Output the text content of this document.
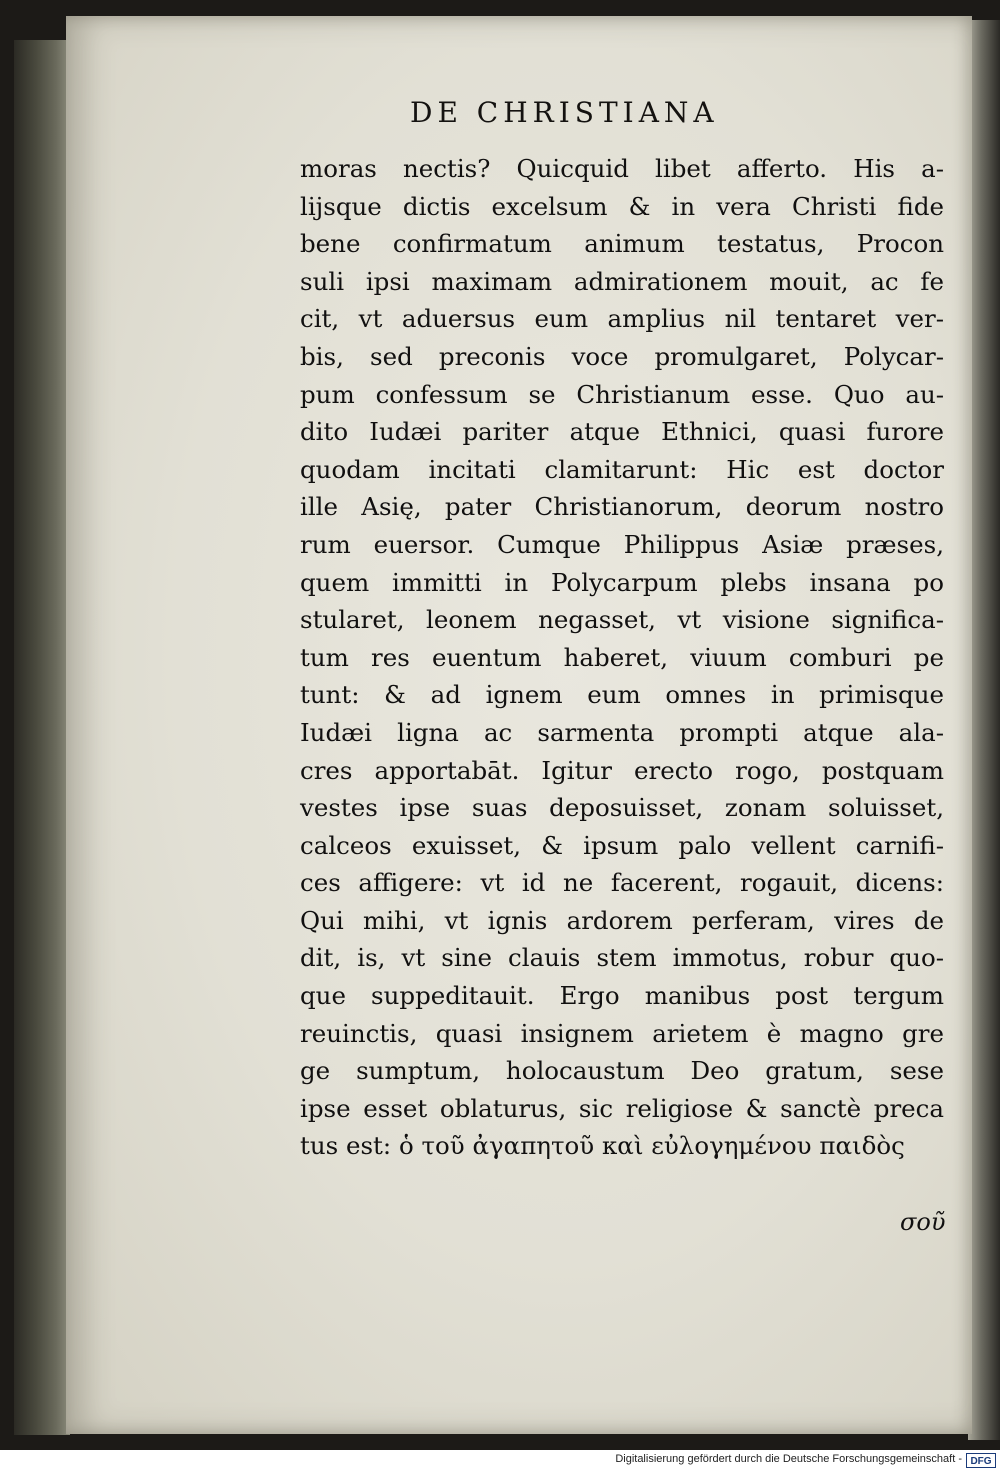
DE CHRISTIANA
moras nectis? Quicquid libet afferto. His a-
lijsque dictis excelsum & in vera Christi fide
bene confirmatum animum testatus, Procon
suli ipsi maximam admirationem mouit, ac fe
cit, vt aduersus eum amplius nil tentaret ver-
bis, sed preconis voce promulgaret, Polycar-
pum confessum se Christianum esse. Quo au-
dito Iudæi pariter atque Ethnici, quasi furore
quodam incitati clamitarunt: Hic est doctor
ille Asię, pater Christianorum, deorum nostro
rum euersor. Cumque Philippus Asiæ præses,
quem immitti in Polycarpum plebs insana po
stularet, leonem negasset, vt visione significa-
tum res euentum haberet, viuum comburi pe
tunt: & ad ignem eum omnes in primisque
Iudæi ligna ac sarmenta prompti atque ala-
cres apportabāt. Igitur erecto rogo, postquam
vestes ipse suas deposuisset, zonam soluisset,
calceos exuisset, & ipsum palo vellent carnifi-
ces affigere: vt id ne facerent, rogauit, dicens:
Qui mihi, vt ignis ardorem perferam, vires de
dit, is, vt sine clauis stem immotus, robur quo-
que suppeditauit. Ergo manibus post tergum
reuinctis, quasi insignem arietem è magno gre
ge sumptum, holocaustum Deo gratum, sese
ipse esset oblaturus, sic religiose & sanctè preca
tus est: ὁ τοῦ ἀγαπητοῦ καὶ εὐλογημένου παιδὸς
σοῦ
Digitalisierung gefördert durch die Deutsche Forschungsgemeinschaft - DFG
